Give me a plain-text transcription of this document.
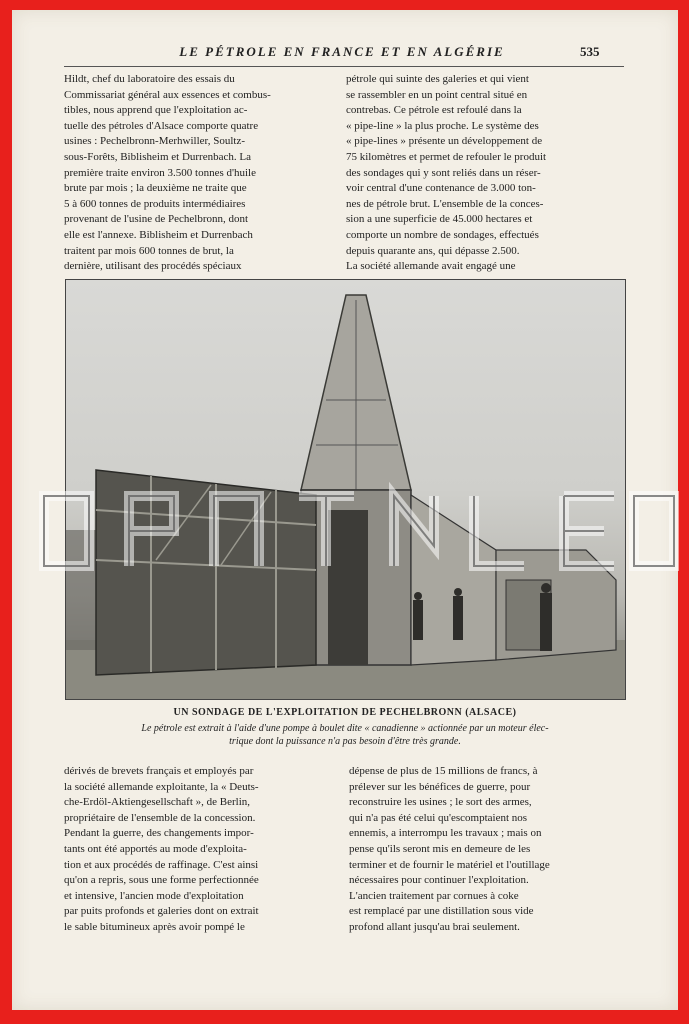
LE PÉTROLE EN FRANCE ET EN ALGÉRIE	535
Hildt, chef du laboratoire des essais du
Commissariat général aux essences et combus-
tibles, nous apprend que l'exploitation ac-
tuelle des pétroles d'Alsace comporte quatre
usines : Pechelbronn-Merhwiller, Soultz-
sous-Forêts, Biblisheim et Durrenbach. La
première traite environ 3.500 tonnes d'huile
brute par mois ; la deuxième ne traite que
5 à 600 tonnes de produits intermédiaires
provenant de l'usine de Pechelbronn, dont
elle est l'annexe. Biblisheim et Durrenbach
traitent par mois 600 tonnes de brut, la
dernière, utilisant des procédés spéciaux
pétrole qui suinte des galeries et qui vient
se rassembler en un point central situé en
contrebas. Ce pétrole est refoulé dans la
« pipe-line » la plus proche. Le système des
« pipe-lines » présente un développement de
75 kilomètres et permet de refouler le produit
des sondages qui y sont reliés dans un réser-
voir central d'une contenance de 3.000 ton-
nes de pétrole brut. L'ensemble de la conces-
sion a une superficie de 45.000 hectares et
comporte un nombre de sondages, effectués
depuis quarante ans, qui dépasse 2.500.
La société allemande avait engagé une
UN SONDAGE DE L'EXPLOITATION DE PECHELBRONN (ALSACE)
Le pétrole est extrait à l'aide d'une pompe à boulet dite « canadienne » actionnée par un moteur élec-
trique dont la puissance n'a pas besoin d'être très grande.
dérivés de brevets français et employés par
la société allemande exploitante, la « Deuts-
che-Erdöl-Aktiengesellschaft », de Berlin,
propriétaire de l'ensemble de la concession.
Pendant la guerre, des changements impor-
tants ont été apportés au mode d'exploita-
tion et aux procédés de raffinage. C'est ainsi
qu'on a repris, sous une forme perfectionnée
et intensive, l'ancien mode d'exploitation
par puits profonds et galeries dont on extrait
le sable bitumineux après avoir pompé le
dépense de plus de 15 millions de francs, à
prélever sur les bénéfices de guerre, pour
reconstruire les usines ; le sort des armes,
qui n'a pas été celui qu'escomptaient nos
ennemis, a interrompu les travaux ; mais on
pense qu'ils seront mis en demeure de les
terminer et de fournir le matériel et l'outillage
nécessaires pour continuer l'exploitation.
L'ancien traitement par cornues à coke
est remplacé par une distillation sous vide
profond allant jusqu'au brai seulement.
